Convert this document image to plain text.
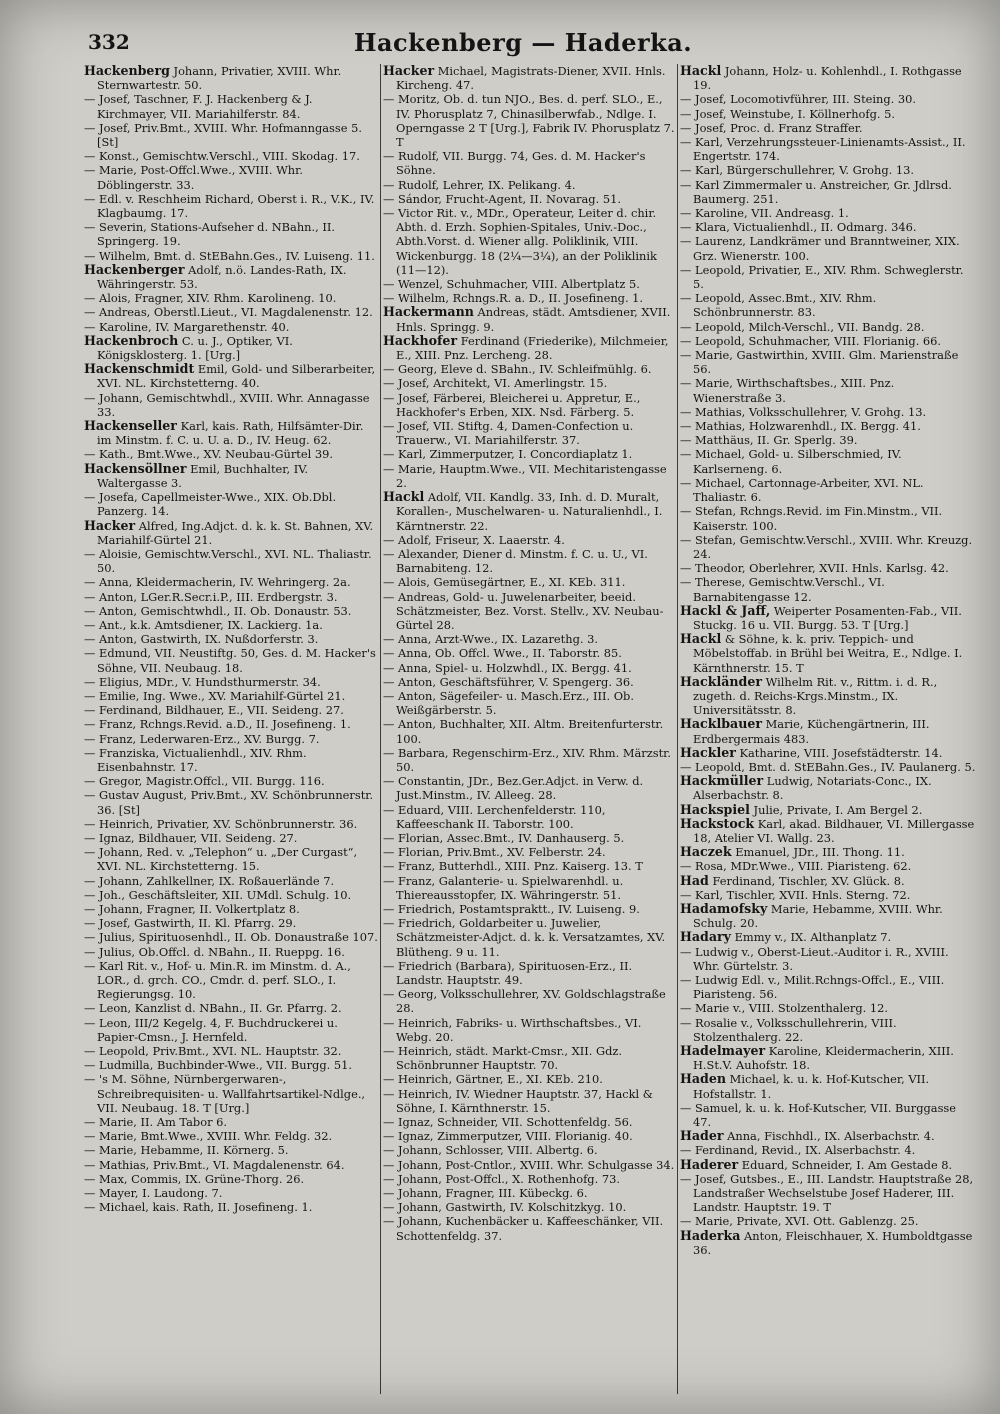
332	Hackenberg — Haderka.

Hackenberg Johann, Privatier, XVIII. Whr. Sternwartestr. 50.

— Josef, Taschner, F. J. Hackenberg & J. Kirchmayer, VII. Mariahilferstr. 84.

— Josef, Priv.Bmt., XVIII. Whr. Hofmanngasse 5. [St]

— Konst., Gemischtw.Verschl., VIII. Skodag. 17.

— Marie, Post-Offcl.Wwe., XVIII. Whr. Döblingerstr. 33.

— Edl. v. Reschheim Richard, Oberst i. R., V.K., IV. Klagbaumg. 17.

— Severin, Stations-Aufseher d. NBahn., II. Springerg. 19.

— Wilhelm, Bmt. d. StEBahn.Ges., IV. Luiseng. 11.

Hackenberger Adolf, n.ö. Landes-Rath, IX. Währingerstr. 53.

— Alois, Fragner, XIV. Rhm. Karolineng. 10.

— Andreas, Oberstl.Lieut., VI. Magdalenenstr. 12.

— Karoline, IV. Margarethenstr. 40.

Hackenbroch C. u. J., Optiker, VI. Königsklosterg. 1. [Urg.]

Hackenschmidt Emil, Gold- und Silberarbeiter, XVI. NL. Kirchstetterng. 40.

— Johann, Gemischtwhdl., XVIII. Whr. Annagasse 33.

Hackenseller Karl, kais. Rath, Hilfsämter-Dir. im Minstm. f. C. u. U. a. D., IV. Heug. 62.

— Kath., Bmt.Wwe., XV. Neubau-Gürtel 39.

Hackensöllner Emil, Buchhalter, IV. Waltergasse 3.

— Josefa, Capellmeister-Wwe., XIX. Ob.Dbl. Panzerg. 14.

Hacker Alfred, Ing.Adjct. d. k. k. St. Bahnen, XV. Mariahilf-Gürtel 21.

— Aloisie, Gemischtw.Verschl., XVI. NL. Thaliastr. 50.

— Anna, Kleidermacherin, IV. Wehringerg. 2a.

— Anton, LGer.R.Secr.i.P., III. Erdbergstr. 3.

— Anton, Gemischtwhdl., II. Ob. Donaustr. 53.

— Ant., k.k. Amtsdiener, IX. Lackierg. 1a.

— Anton, Gastwirth, IX. Nußdorferstr. 3.

— Edmund, VII. Neustiftg. 50, Ges. d. M. Hacker's Söhne, VII. Neubaug. 18.

— Eligius, MDr., V. Hundsthurmerstr. 34.

— Emilie, Ing. Wwe., XV. Mariahilf-Gürtel 21.

— Ferdinand, Bildhauer, E., VII. Seideng. 27.

— Franz, Rchngs.Revid. a.D., II. Josefineng. 1.

— Franz, Lederwaren-Erz., XV. Burgg. 7.

— Franziska, Victualienhdl., XIV. Rhm. Eisenbahnstr. 17.

— Gregor, Magistr.Offcl., VII. Burgg. 116.

— Gustav August, Priv.Bmt., XV. Schönbrunnerstr. 36. [St]

— Heinrich, Privatier, XV. Schönbrunnerstr. 36.

— Ignaz, Bildhauer, VII. Seideng. 27.

— Johann, Red. v. „Telephon“ u. „Der Curgast“, XVI. NL. Kirchstetterng. 15.

— Johann, Zahlkellner, IX. Roßauerlände 7.

— Joh., Geschäftsleiter, XII. UMdl. Schulg. 10.

— Johann, Fragner, II. Volkertplatz 8.

— Josef, Gastwirth, II. Kl. Pfarrg. 29.

— Julius, Spirituosenhdl., II. Ob. Donaustraße 107.

— Julius, Ob.Offcl. d. NBahn., II. Rueppg. 16.

— Karl Rit. v., Hof- u. Min.R. im Minstm. d. A., LOR., d. grch. CO., Cmdr. d. perf. SLO., I. Regierungsg. 10.

— Leon, Kanzlist d. NBahn., II. Gr. Pfarrg. 2.

— Leon, III/2 Kegelg. 4, F. Buchdruckerei u. Papier-Cmsn., J. Hernfeld.

— Leopold, Priv.Bmt., XVI. NL. Hauptstr. 32.

— Ludmilla, Buchbinder-Wwe., VII. Burgg. 51.

— 's M. Söhne, Nürnbergerwaren-, Schreibrequisiten- u. Wallfahrtsartikel-Ndlge., VII. Neubaug. 18. T [Urg.]

— Marie, II. Am Tabor 6.

— Marie, Bmt.Wwe., XVIII. Whr. Feldg. 32.

— Marie, Hebamme, II. Körnerg. 5.

— Mathias, Priv.Bmt., VI. Magdalenenstr. 64.

— Max, Commis, IX. Grüne-Thorg. 26.

— Mayer, I. Laudong. 7.

— Michael, kais. Rath, II. Josefineng. 1.

Hacker Michael, Magistrats-Diener, XVII. Hnls. Kircheng. 47.

— Moritz, Ob. d. tun NJO., Bes. d. perf. SLO., E., IV. Phorusplatz 7, Chinasilberwfab., Ndlge. I. Operngasse 2 T [Urg.], Fabrik IV. Phorusplatz 7. T

— Rudolf, VII. Burgg. 74, Ges. d. M. Hacker's Söhne.

— Rudolf, Lehrer, IX. Pelikang. 4.

— Sándor, Frucht-Agent, II. Novarag. 51.

— Victor Rit. v., MDr., Operateur, Leiter d. chir. Abth. d. Erzh. Sophien-Spitales, Univ.-Doc., Abth.Vorst. d. Wiener allg. Poliklinik, VIII. Wickenburgg. 18 (2¼—3¼), an der Poliklinik (11—12).

— Wenzel, Schuhmacher, VIII. Albertplatz 5.

— Wilhelm, Rchngs.R. a. D., II. Josefineng. 1.

Hackermann Andreas, städt. Amtsdiener, XVII. Hnls. Springg. 9.

Hackhofer Ferdinand (Friederike), Milchmeier, E., XIII. Pnz. Lercheng. 28.

— Georg, Eleve d. SBahn., IV. Schleifmühlg. 6.

— Josef, Architekt, VI. Amerlingstr. 15.

— Josef, Färberei, Bleicherei u. Appretur, E., Hackhofer's Erben, XIX. Nsd. Färberg. 5.

— Josef, VII. Stiftg. 4, Damen-Confection u. Trauerw., VI. Mariahilferstr. 37.

— Karl, Zimmerputzer, I. Concordiaplatz 1.

— Marie, Hauptm.Wwe., VII. Mechitaristengasse 2.

Hackl Adolf, VII. Kandlg. 33, Inh. d. D. Muralt, Korallen-, Muschelwaren- u. Naturalienhdl., I. Kärntnerstr. 22.

— Adolf, Friseur, X. Laaerstr. 4.

— Alexander, Diener d. Minstm. f. C. u. U., VI. Barnabiteng. 12.

— Alois, Gemüsegärtner, E., XI. KEb. 311.

— Andreas, Gold- u. Juwelenarbeiter, beeid. Schätzmeister, Bez. Vorst. Stellv., XV. Neubau-Gürtel 28.

— Anna, Arzt-Wwe., IX. Lazarethg. 3.

— Anna, Ob. Offcl. Wwe., II. Taborstr. 85.

— Anna, Spiel- u. Holzwhdl., IX. Bergg. 41.

— Anton, Geschäftsführer, V. Spengerg. 36.

— Anton, Sägefeiler- u. Masch.Erz., III. Ob. Weißgärberstr. 5.

— Anton, Buchhalter, XII. Altm. Breitenfurterstr. 100.

— Barbara, Regenschirm-Erz., XIV. Rhm. Märzstr. 50.

— Constantin, JDr., Bez.Ger.Adjct. in Verw. d. Just.Minstm., IV. Alleeg. 28.

— Eduard, VIII. Lerchenfelderstr. 110, Kaffeeschank II. Taborstr. 100.

— Florian, Assec.Bmt., IV. Danhauserg. 5.

— Florian, Priv.Bmt., XV. Felberstr. 24.

— Franz, Butterhdl., XIII. Pnz. Kaiserg. 13. T

— Franz, Galanterie- u. Spielwarenhdl. u. Thiereausstopfer, IX. Währingerstr. 51.

— Friedrich, Postamtspraktt., IV. Luiseng. 9.

— Friedrich, Goldarbeiter u. Juwelier, Schätzmeister-Adjct. d. k. k. Versatzamtes, XV. Blütheng. 9 u. 11.

— Friedrich (Barbara), Spirituosen-Erz., II. Landstr. Hauptstr. 49.

— Georg, Volksschullehrer, XV. Goldschlagstraße 28.

— Heinrich, Fabriks- u. Wirthschaftsbes., VI. Webg. 20.

— Heinrich, städt. Markt-Cmsr., XII. Gdz. Schönbrunner Hauptstr. 70.

— Heinrich, Gärtner, E., XI. KEb. 210.

— Heinrich, IV. Wiedner Hauptstr. 37, Hackl & Söhne, I. Kärnthnerstr. 15.

— Ignaz, Schneider, VII. Schottenfeldg. 56.

— Ignaz, Zimmerputzer, VIII. Florianig. 40.

— Johann, Schlosser, VIII. Albertg. 6.

— Johann, Post-Cntlor., XVIII. Whr. Schulgasse 34.

— Johann, Post-Offcl., X. Rothenhofg. 73.

— Johann, Fragner, III. Kübeckg. 6.

— Johann, Gastwirth, IV. Kolschitzkyg. 10.

— Johann, Kuchenbäcker u. Kaffeeschänker, VII. Schottenfeldg. 37.

Hackl Johann, Holz- u. Kohlenhdl., I. Rothgasse 19.

— Josef, Locomotivführer, III. Steing. 30.

— Josef, Weinstube, I. Köllnerhofg. 5.

— Josef, Proc. d. Franz Straffer.

— Karl, Verzehrungssteuer-Linienamts-Assist., II. Engertstr. 174.

— Karl, Bürgerschullehrer, V. Grohg. 13.

— Karl Zimmermaler u. Anstreicher, Gr. Jdlrsd. Baumerg. 251.

— Karoline, VII. Andreasg. 1.

— Klara, Victualienhdl., II. Odmarg. 346.

— Laurenz, Landkrämer und Branntweiner, XIX. Grz. Wienerstr. 100.

— Leopold, Privatier, E., XIV. Rhm. Schweglerstr. 5.

— Leopold, Assec.Bmt., XIV. Rhm. Schönbrunnerstr. 83.

— Leopold, Milch-Verschl., VII. Bandg. 28.

— Leopold, Schuhmacher, VIII. Florianig. 66.

— Marie, Gastwirthin, XVIII. Glm. Marienstraße 56.

— Marie, Wirthschaftsbes., XIII. Pnz. Wienerstraße 3.

— Mathias, Volksschullehrer, V. Grohg. 13.

— Mathias, Holzwarenhdl., IX. Bergg. 41.

— Matthäus, II. Gr. Sperlg. 39.

— Michael, Gold- u. Silberschmied, IV. Karlserneng. 6.

— Michael, Cartonnage-Arbeiter, XVI. NL. Thaliastr. 6.

— Stefan, Rchngs.Revid. im Fin.Minstm., VII. Kaiserstr. 100.

— Stefan, Gemischtw.Verschl., XVIII. Whr. Kreuzg. 24.

— Theodor, Oberlehrer, XVII. Hnls. Karlsg. 42.

— Therese, Gemischtw.Verschl., VI. Barnabitengasse 12.

Hackl & Jaff, Weiperter Posamenten-Fab., VII. Stuckg. 16 u. VII. Burgg. 53. T [Urg.]

Hackl & Söhne, k. k. priv. Teppich- und Möbelstoffab. in Brühl bei Weitra, E., Ndlge. I. Kärnthnerstr. 15. T

Hackländer Wilhelm Rit. v., Rittm. i. d. R., zugeth. d. Reichs-Krgs.Minstm., IX. Universitätsstr. 8.

Hacklbauer Marie, Küchengärtnerin, III. Erdbergermais 483.

Hackler Katharine, VIII. Josefstädterstr. 14.

— Leopold, Bmt. d. StEBahn.Ges., IV. Paulanerg. 5.

Hackmüller Ludwig, Notariats-Conc., IX. Alserbachstr. 8.

Hackspiel Julie, Private, I. Am Bergel 2.

Hackstock Karl, akad. Bildhauer, VI. Millergasse 18, Atelier VI. Wallg. 23.

Haczek Emanuel, JDr., III. Thong. 11.

— Rosa, MDr.Wwe., VIII. Piaristeng. 62.

Had Ferdinand, Tischler, XV. Glück. 8.

— Karl, Tischler, XVII. Hnls. Sterng. 72.

Hadamofsky Marie, Hebamme, XVIII. Whr. Schulg. 20.

Hadary Emmy v., IX. Althanplatz 7.

— Ludwig v., Oberst-Lieut.-Auditor i. R., XVIII. Whr. Gürtelstr. 3.

— Ludwig Edl. v., Milit.Rchngs-Offcl., E., VIII. Piaristeng. 56.

— Marie v., VIII. Stolzenthalerg. 12.

— Rosalie v., Volksschullehrerin, VIII. Stolzenthalerg. 22.

Hadelmayer Karoline, Kleidermacherin, XIII. H.St.V. Auhofstr. 18.

Haden Michael, k. u. k. Hof-Kutscher, VII. Hofstallstr. 1.

— Samuel, k. u. k. Hof-Kutscher, VII. Burggasse 47.

Hader Anna, Fischhdl., IX. Alserbachstr. 4.

— Ferdinand, Revid., IX. Alserbachstr. 4.

Haderer Eduard, Schneider, I. Am Gestade 8.

— Josef, Gutsbes., E., III. Landstr. Hauptstraße 28, Landstraßer Wechselstube Josef Haderer, III. Landstr. Hauptstr. 19. T

— Marie, Private, XVI. Ott. Gablenzg. 25.

Haderka Anton, Fleischhauer, X. Humboldtgasse 36.
